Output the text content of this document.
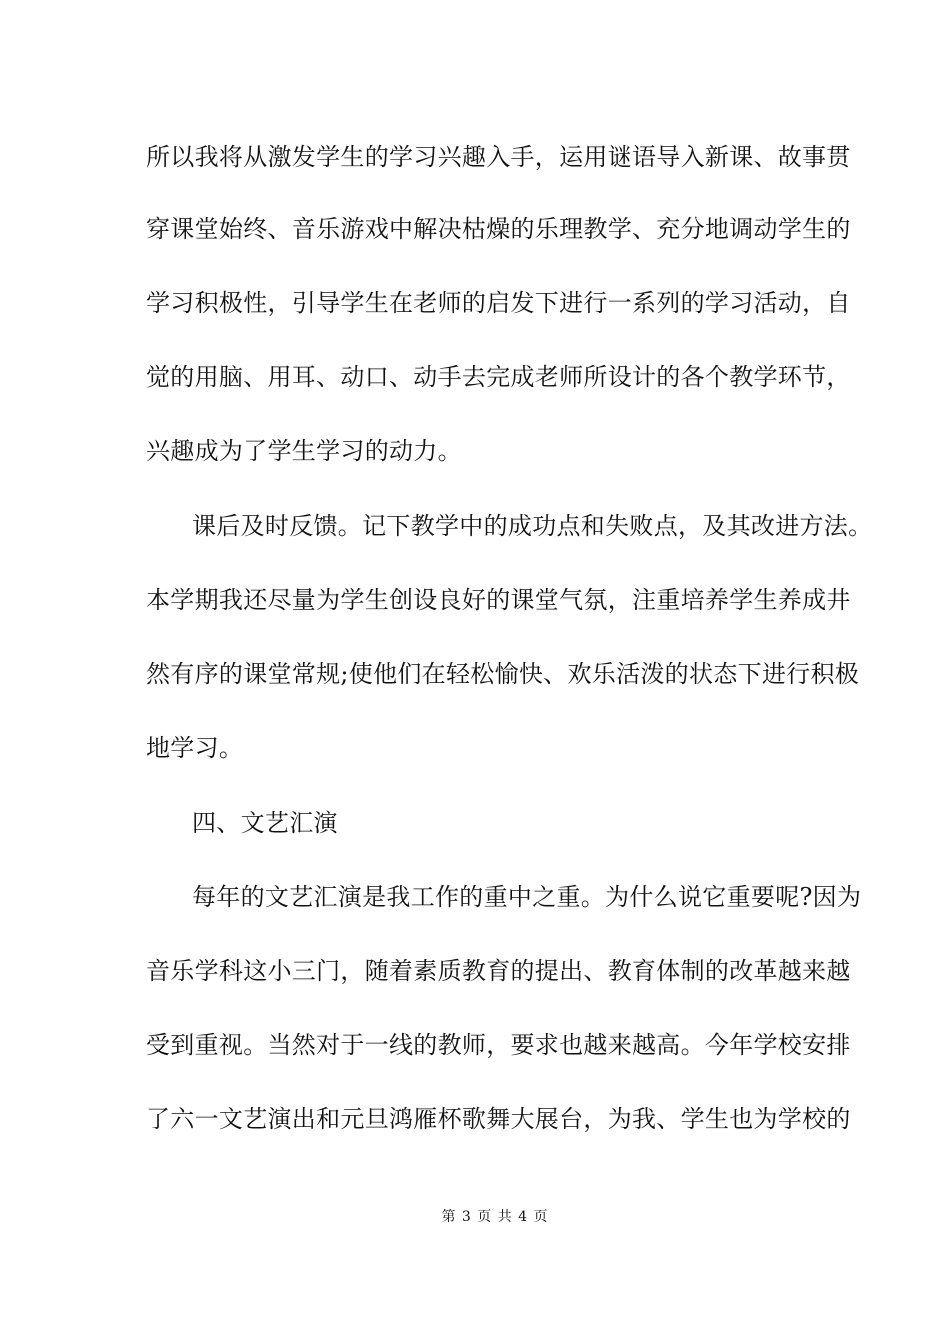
所以我将从激发学生的学习兴趣入手，运用谜语导入新课、故事贯
穿课堂始终、音乐游戏中解决枯燥的乐理教学、充分地调动学生的
学习积极性，引导学生在老师的启发下进行一系列的学习活动，自
觉的用脑、用耳、动口、动手去完成老师所设计的各个教学环节，
兴趣成为了学生学习的动力。
课后及时反馈。记下教学中的成功点和失败点，及其改进方法。
本学期我还尽量为学生创设良好的课堂气氛，注重培养学生养成井
然有序的课堂常规;使他们在轻松愉快、欢乐活泼的状态下进行积极
地学习。
四、文艺汇演
每年的文艺汇演是我工作的重中之重。为什么说它重要呢?因为
音乐学科这小三门，随着素质教育的提出、教育体制的改革越来越
受到重视。当然对于一线的教师，要求也越来越高。今年学校安排
了六一文艺演出和元旦鸿雁杯歌舞大展台，为我、学生也为学校的
第 3 页 共 4 页
